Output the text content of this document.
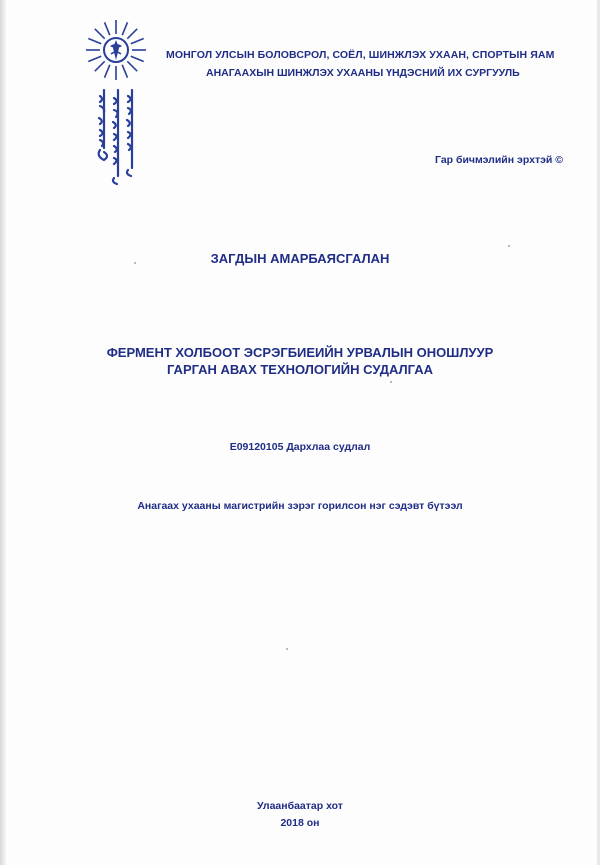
МОНГОЛ УЛСЫН БОЛОВСРОЛ, СОЁЛ, ШИНЖЛЭХ УХААН, СПОРТЫН ЯАМ
АНАГААХЫН ШИНЖЛЭХ УХААНЫ ҮНДЭСНИЙ ИХ СУРГУУЛЬ
Гар бичмэлийн эрхтэй ©
ЗАГДЫН АМАРБАЯСГАЛАН
ФЕРМЕНТ ХОЛБООТ ЭСРЭГБИЕИЙН УРВАЛЫН ОНОШЛУУР
ГАРГАН АВАХ ТЕХНОЛОГИЙН СУДАЛГАА
E09120105 Дархлаа судлал
Анагаах ухааны магистрийн зэрэг горилсон нэг сэдэвт бүтээл
Улаанбаатар хот
2018 он
